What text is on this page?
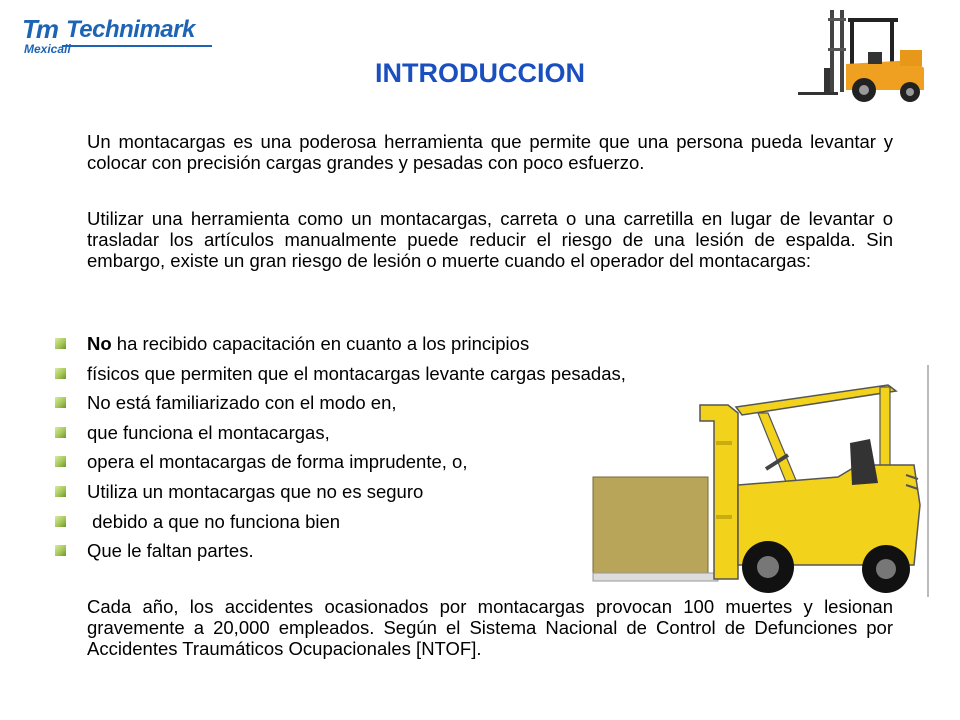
Tm Technimark
Mexicali
INTRODUCCION

Un montacargas es una poderosa herramienta que permite que una persona pueda levantar y colocar con precisión cargas grandes y pesadas con poco esfuerzo.

Utilizar una herramienta como un montacargas, carreta o una carretilla en lugar de levantar o trasladar los artículos manualmente puede reducir el riesgo de una lesión de espalda. Sin embargo, existe un gran riesgo de lesión o muerte cuando el operador del montacargas:

No ha recibido capacitación en cuanto a los principios
físicos que permiten que el montacargas levante cargas pesadas,
No está familiarizado con el modo en,
que funciona el montacargas,
opera el montacargas de forma imprudente, o,
Utiliza un montacargas que no es seguro
debido a que no funciona bien
Que le faltan partes.

Cada año, los accidentes ocasionados por montacargas provocan 100 muertes y lesionan gravemente a 20,000 empleados. Según el Sistema Nacional de Control de Defunciones por Accidentes Traumáticos Ocupacionales [NTOF].
